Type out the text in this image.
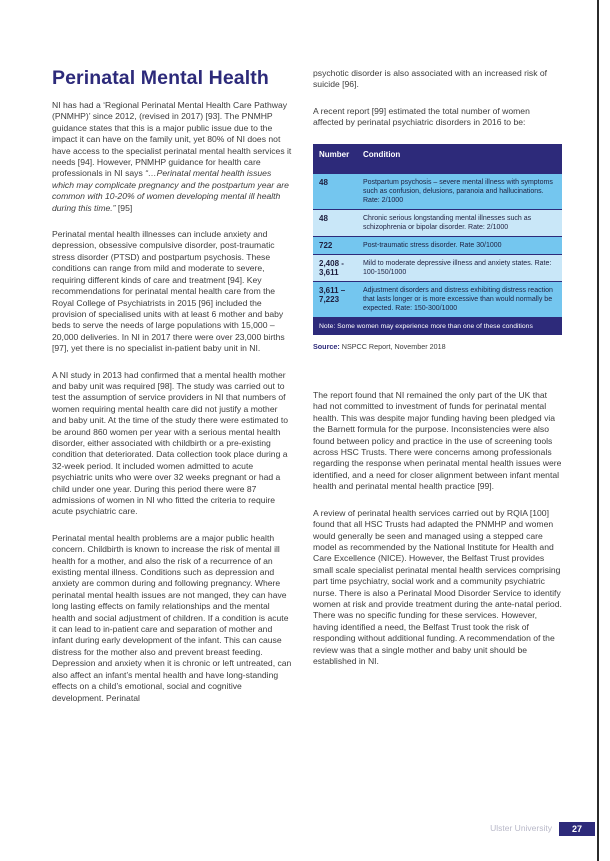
Perinatal Mental Health

NI has had a ‘Regional Perinatal Mental Health Care Pathway (PNMHP)’ since 2012, (revised in 2017) [93]. The PNMHP guidance states that this is a major public issue due to the impact it can have on the family unit, yet 80% of NI does not have access to the specialist perinatal mental health services it needs [94]. However, PNMHP guidance for health care professionals in NI says “…Perinatal mental health issues which may complicate pregnancy and the postpartum year are common with 10-20% of women developing mental ill health during this time.” [95]

Perinatal mental health illnesses can include anxiety and depression, obsessive compulsive disorder, post-traumatic stress disorder (PTSD) and postpartum psychosis. These conditions can range from mild and moderate to severe, requiring different kinds of care and treatment [94]. Key recommendations for perinatal mental health care from the Royal College of Psychiatrists in 2015 [96] included the provision of specialised units with at least 6 mother and baby beds to serve the needs of large populations with 15,000 – 20,000 deliveries. In NI in 2017 there were over 23,000 births [97], yet there is no specialist in-patient baby unit in NI.

A NI study in 2013 had confirmed that a mental health mother and baby unit was required [98]. The study was carried out to test the assumption of service providers in NI that numbers of women requiring mental health care did not justify a mother and baby unit. At the time of the study there were estimated to be around 860 women per year with a serious mental health disorder, either associated with childbirth or a pre-existing condition that deteriorated. Data collection took place during a 32-week period. It included women admitted to acute psychiatric units who were over 32 weeks pregnant or had a child under one year. During this period there were 87 admissions of women in NI who fitted the criteria to require acute psychiatric care.

Perinatal mental health problems are a major public health concern. Childbirth is known to increase the risk of mental ill health for a mother, and also the risk of a recurrence of an existing mental illness. Conditions such as depression and anxiety are common during and following pregnancy. Where perinatal mental health issues are not manged, they can have long lasting effects on family relationships and the mental health and social adjustment of children. If a condition is acute it can lead to in-patient care and separation of mother and infant during early development of the infant. This can cause distress for the mother also and prevent breast feeding. Depression and anxiety when it is chronic or left untreated, can also affect an infant’s mental health and have long-standing effects on a child’s emotional, social and cognitive development. Perinatal

psychotic disorder is also associated with an increased risk of suicide [96].

A recent report [99] estimated the total number of women affected by perinatal psychiatric disorders in 2016 to be:

Number	Condition
48	Postpartum psychosis – severe mental illness with symptoms such as confusion, delusions, paranoia and hallucinations. Rate: 2/1000
48	Chronic serious longstanding mental illnesses such as schizophrenia or bipolar disorder. Rate: 2/1000
722	Post-traumatic stress disorder. Rate 30/1000
2,408 - 3,611	Mild to moderate depressive illness and anxiety states. Rate: 100-150/1000
3,611 – 7,223	Adjustment disorders and distress exhibiting distress reaction that lasts longer or is more excessive than would normally be expected. Rate: 150-300/1000
Note: Some women may experience more than one of these conditions	

Source: NSPCC Report, November 2018

The report found that NI remained the only part of the UK that had not committed to investment of funds for perinatal mental health. This was despite major funding having been pledged via the Barnett formula for the purpose. Inconsistencies were also found between policy and practice in the use of screening tools across HSC Trusts. There were concerns among professionals regarding the response when perinatal mental health issues were identified, and a need for closer alignment between infant mental health and perinatal mental health practice [99].

A review of perinatal health services carried out by RQIA [100] found that all HSC Trusts had adapted the PNMHP and women would generally be seen and managed using a stepped care model as recommended by the National Institute for Health and Care Excellence (NICE). However, the Belfast Trust provides small scale specialist perinatal mental health services comprising part time psychiatry, social work and a community psychiatric nurse. There is also a Perinatal Mood Disorder Service to identify women at risk and provide treatment during the ante-natal period. There was no specific funding for these services. However, having identified a need, the Belfast Trust took the risk of responding without additional funding. A recommendation of the review was that a single mother and baby unit should be established in NI.

Ulster University	27
